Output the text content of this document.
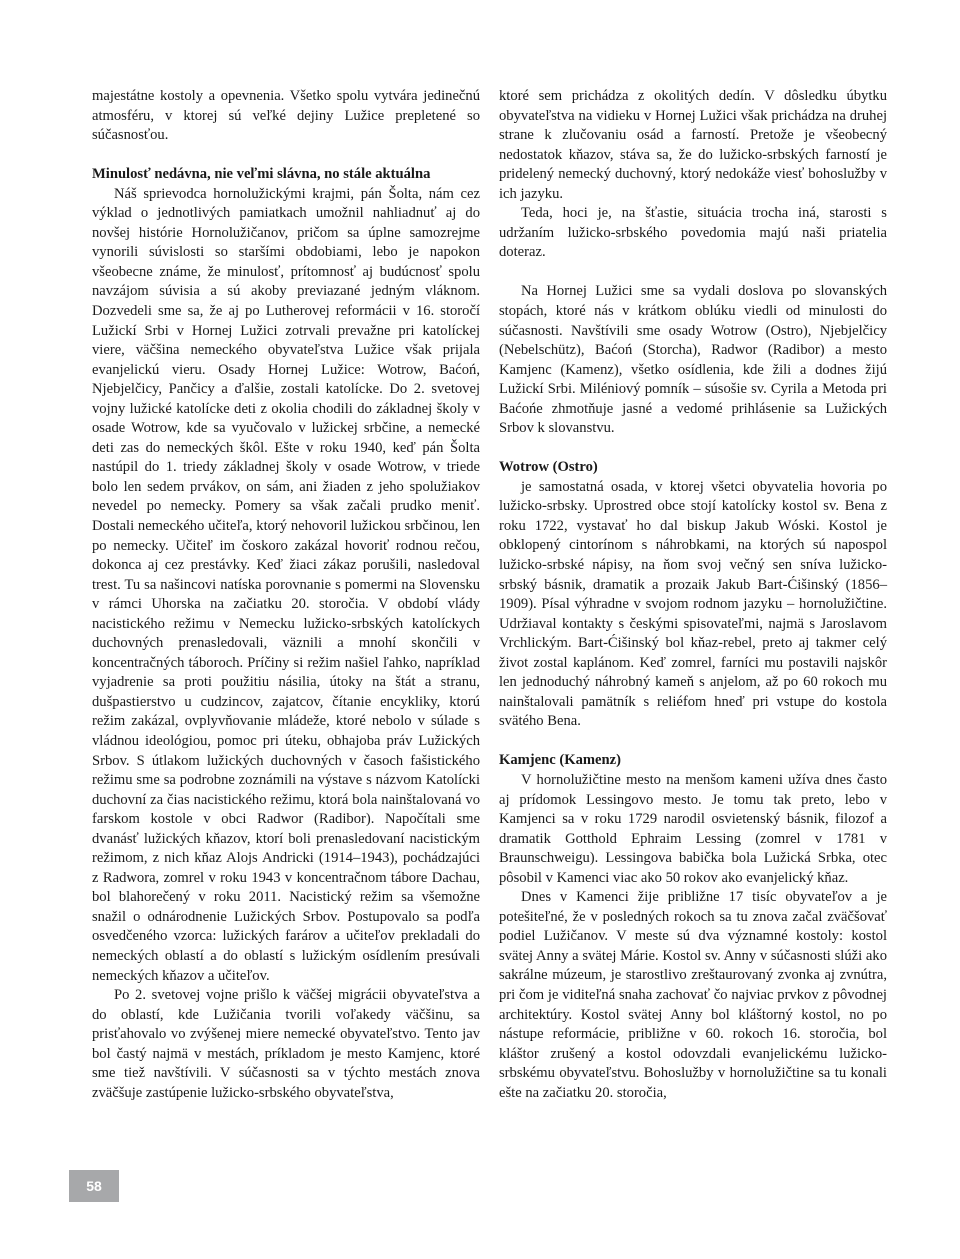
majestátne kostoly a opevnenia. Všetko spolu vytvára jedinečnú atmosféru, v ktorej sú veľké dejiny Lužice prepletené so súčasnosťou.

Minulosť nedávna, nie veľmi slávna, no stále aktuálna

Náš sprievodca hornolužickými krajmi, pán Šolta, nám cez výklad o jednotlivých pamiatkach umožnil nahliadnuť aj do novšej histórie Hornolužičanov, pričom sa úplne samozrejme vynorili súvislosti so staršími obdobiami, lebo je napokon všeobecne známe, že minulosť, prítomnosť aj budúcnosť spolu navzájom súvisia a sú akoby previazané jedným vláknom. Dozvedeli sme sa, že aj po Lutherovej reformácii v 16. storočí Lužickí Srbi v Hornej Lužici zotrvali prevažne pri katolíckej viere, väčšina nemeckého obyvateľstva Lužice však prijala evanjelickú vieru. Osady Hornej Lužice: Wotrow, Baćoń, Njebjelčicy, Pančicy a ďalšie, zostali katolícke. Do 2. svetovej vojny lužické katolícke deti z okolia chodili do základnej školy v osade Wotrow, kde sa vyučovalo v lužickej srbčine, a nemecké deti zas do nemeckých škôl. Ešte v roku 1940, keď pán Šolta nastúpil do 1. triedy základnej školy v osade Wotrow, v triede bolo len sedem prvákov, on sám, ani žiaden z jeho spolužiakov nevedel po nemecky. Pomery sa však začali prudko meniť. Dostali nemeckého učiteľa, ktorý nehovoril lužickou srbčinou, len po nemecky. Učiteľ im čoskoro zakázal hovoriť rodnou rečou, dokonca aj cez prestávky. Keď žiaci zákaz porušili, nasledoval trest. Tu sa našincovi natíska porovnanie s pomermi na Slovensku v rámci Uhorska na začiatku 20. storočia. V období vlády nacistického režimu v Nemecku lužicko-srbských katolíckych duchovných prenasledovali, väznili a mnohí skončili v koncentračných táboroch. Príčiny si režim našiel ľahko, napríklad vyjadrenie sa proti použitiu násilia, útoky na štát a stranu, dušpastierstvo u cudzincov, zajatcov, čítanie encykliky, ktorú režim zakázal, ovplyvňovanie mládeže, ktoré nebolo v súlade s vládnou ideológiou, pomoc pri úteku, obhajoba práv Lužických Srbov. S útlakom lužických duchovných v časoch fašistického režimu sme sa podrobne zoznámili na výstave s názvom Katolícki duchovní za čias nacistického režimu, ktorá bola nainštalovaná vo farskom kostole v obci Radwor (Radibor). Napočítali sme dvanásť lužických kňazov, ktorí boli prenasledovaní nacistickým režimom, z nich kňaz Alojs Andricki (1914–1943), pochádzajúci z Radwora, zomrel v roku 1943 v koncentračnom tábore Dachau, bol blahorečený v roku 2011. Nacistický režim sa všemožne snažil o odnárodnenie Lužických Srbov. Postupovalo sa podľa osvedčeného vzorca: lužických farárov a učiteľov prekladali do nemeckých oblastí a do oblastí s lužickým osídlením presúvali nemeckých kňazov a učiteľov.

Po 2. svetovej vojne prišlo k väčšej migrácii obyvateľstva a do oblastí, kde Lužičania tvorili voľakedy väčšinu, sa prisťahovalo vo zvýšenej miere nemecké obyvateľstvo. Tento jav bol častý najmä v mestách, príkladom je mesto Kamjenc, ktoré sme tiež navštívili. V súčasnosti sa v týchto mestách znova zväčšuje zastúpenie lužicko-srbského obyvateľstva,

ktoré sem prichádza z okolitých dedín. V dôsledku úbytku obyvateľstva na vidieku v Hornej Lužici však prichádza na druhej strane k zlučovaniu osád a farností. Pretože je všeobecný nedostatok kňazov, stáva sa, že do lužicko-srbských farností je pridelený nemecký duchovný, ktorý nedokáže viesť bohoslužby v ich jazyku.

Teda, hoci je, na šťastie, situácia trocha iná, starosti s udržaním lužicko-srbského povedomia majú naši priatelia doteraz.

Na Hornej Lužici sme sa vydali doslova po slovanských stopách, ktoré nás v krátkom oblúku viedli od minulosti do súčasnosti. Navštívili sme osady Wotrow (Ostro), Njebjelčicy (Nebelschütz), Baćoń (Storcha), Radwor (Radibor) a mesto Kamjenc (Kamenz), všetko osídlenia, kde žili a dodnes žijú Lužickí Srbi. Miléniový pomník – súsošie sv. Cyrila a Metoda pri Baćońe zhmotňuje jasné a vedomé prihlásenie sa Lužických Srbov k slovanstvu.

Wotrow (Ostro)

je samostatná osada, v ktorej všetci obyvatelia hovoria po lužicko-srbsky. Uprostred obce stojí katolícky kostol sv. Bena z roku 1722, vystavať ho dal biskup Jakub Wóski. Kostol je obklopený cintorínom s náhrobkami, na ktorých sú napospol lužicko-srbské nápisy, na ňom svoj večný sen sníva lužicko-srbský básnik, dramatik a prozaik Jakub Bart-Ćišinský (1856–1909). Písal výhradne v svojom rodnom jazyku – hornolužičtine. Udržiaval kontakty s českými spisovateľmi, najmä s Jaroslavom Vrchlickým. Bart-Ćišinský bol kňaz-rebel, preto aj takmer celý život zostal kaplánom. Keď zomrel, farníci mu postavili najskôr len jednoduchý náhrobný kameň s anjelom, až po 60 rokoch mu nainštalovali pamätník s reliéfom hneď pri vstupe do kostola svätého Bena.

Kamjenc (Kamenz)

V hornolužičtine mesto na menšom kameni užíva dnes často aj prídomok Lessingovo mesto. Je tomu tak preto, lebo v Kamjenci sa v roku 1729 narodil osvietenský básnik, filozof a dramatik Gotthold Ephraim Lessing (zomrel v 1781 v Braunschweigu). Lessingova babička bola Lužická Srbka, otec pôsobil v Kamenci viac ako 50 rokov ako evanjelický kňaz.

Dnes v Kamenci žije približne 17 tisíc obyvateľov a je potešiteľné, že v posledných rokoch sa tu znova začal zväčšovať podiel Lužičanov. V meste sú dva významné kostoly: kostol svätej Anny a svätej Márie. Kostol sv. Anny v súčasnosti slúži ako sakrálne múzeum, je starostlivo zreštaurovaný zvonka aj zvnútra, pri čom je viditeľná snaha zachovať čo najviac prvkov z pôvodnej architektúry. Kostol svätej Anny bol kláštorný kostol, no po nástupe reformácie, približne v 60. rokoch 16. storočia, bol kláštor zrušený a kostol odovzdali evanjelickému lužicko-srbskému obyvateľstvu. Bohoslužby v hornolužičtine sa tu konali ešte na začiatku 20. storočia,

58
